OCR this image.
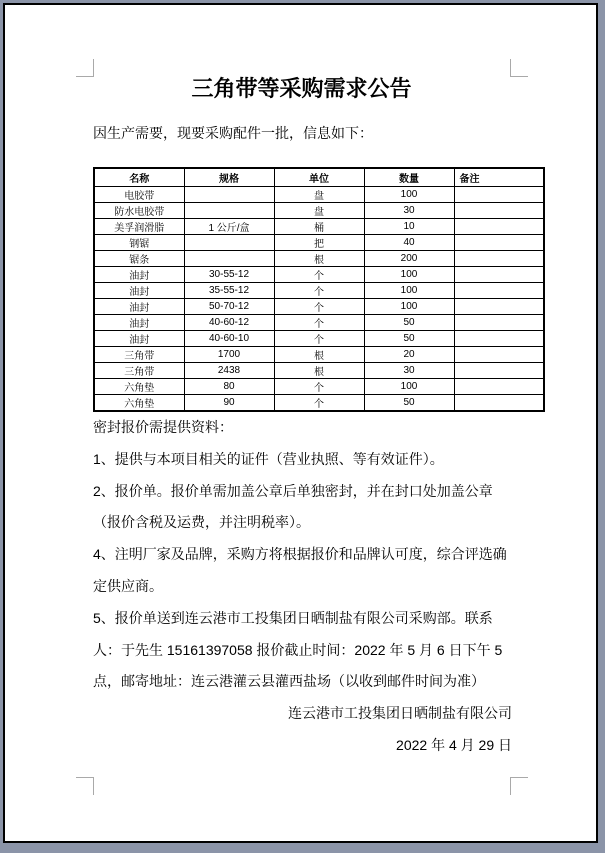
三角带等采购需求公告

因生产需要，现要采购配件一批，信息如下：

名称	规格	单位	数量	备注
电胶带		盘	100	
防水电胶带		盘	30	
美孚润滑脂	1 公斤/盒	桶	10	
钢锯		把	40	
锯条		根	200	
油封	30-55-12	个	100	
油封	35-55-12	个	100	
油封	50-70-12	个	100	
油封	40-60-12	个	50	
油封	40-60-10	个	50	
三角带	1700	根	20	
三角带	2438	根	30	
六角垫	80	个	100	
六角垫	90	个	50	

密封报价需提供资料：

1、提供与本项目相关的证件（营业执照、等有效证件）。

2、报价单。报价单需加盖公章后单独密封，并在封口处加盖公章（报价含税及运费，并注明税率）。

4、注明厂家及品牌，采购方将根据报价和品牌认可度，综合评选确定供应商。

5、报价单送到连云港市工投集团日晒制盐有限公司采购部。联系人：于先生 15161397058 报价截止时间：2022 年 5 月 6 日下午 5 点，邮寄地址：连云港灌云县灌西盐场（以收到邮件时间为准）

连云港市工投集团日晒制盐有限公司

2022 年 4 月 29 日
